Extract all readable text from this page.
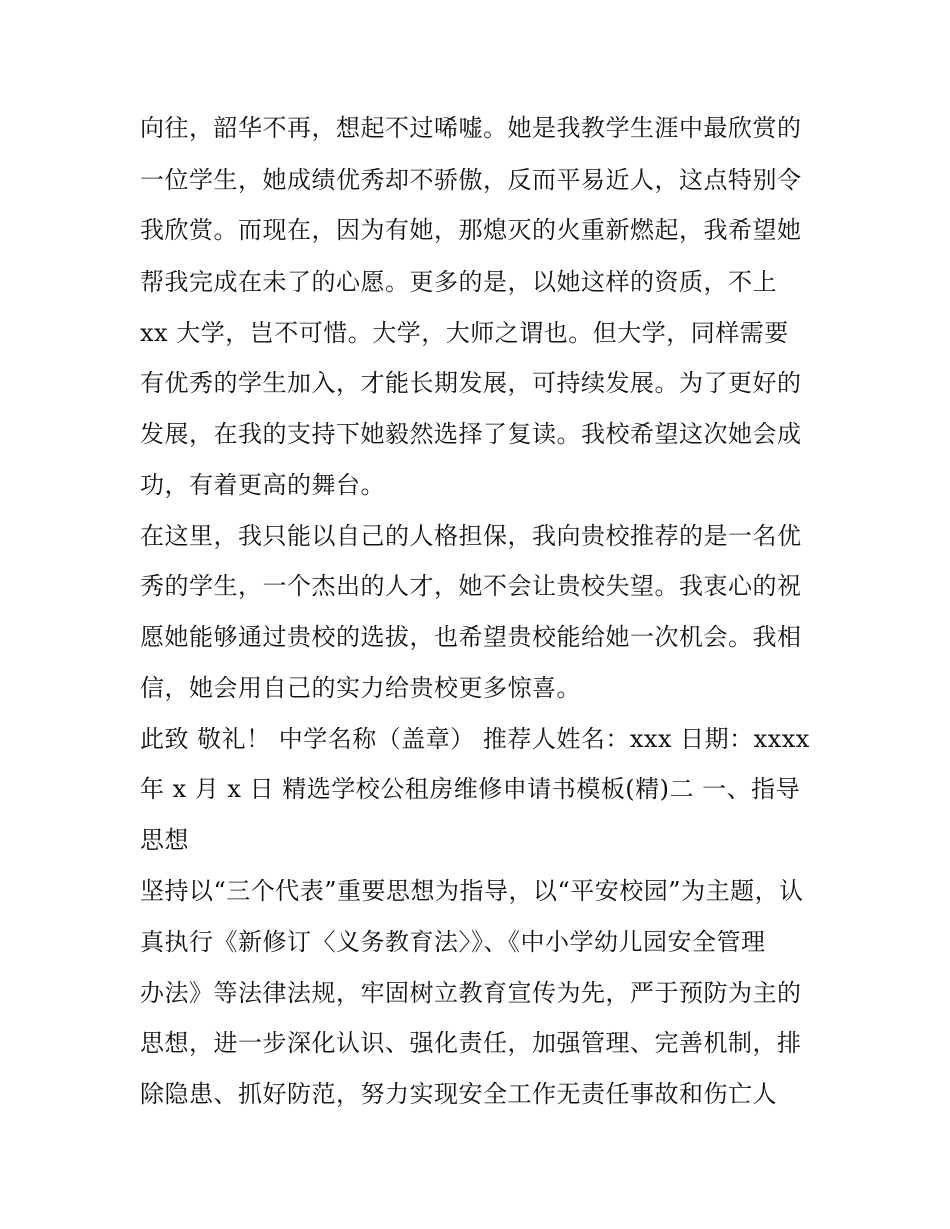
向往，韶华不再，想起不过唏嘘。她是我教学生涯中最欣赏的
一位学生，她成绩优秀却不骄傲，反而平易近人，这点特别令
我欣赏。而现在，因为有她，那熄灭的火重新燃起，我希望她
帮我完成在未了的心愿。更多的是，以她这样的资质，不上
xx 大学，岂不可惜。大学，大师之谓也。但大学，同样需要
有优秀的学生加入，才能长期发展，可持续发展。为了更好的
发展，在我的支持下她毅然选择了复读。我校希望这次她会成
功，有着更高的舞台。
在这里，我只能以自己的人格担保，我向贵校推荐的是一名优
秀的学生，一个杰出的人才，她不会让贵校失望。我衷心的祝
愿她能够通过贵校的选拔，也希望贵校能给她一次机会。我相
信，她会用自己的实力给贵校更多惊喜。
此致 敬礼！ 中学名称（盖章） 推荐人姓名：xxx 日期：xxxx
年 x 月 x 日 精选学校公租房维修申请书模板(精)二 一、指导
思想
坚持以“三个代表”重要思想为指导，以“平安校园”为主题，认
真执行《新修订〈义务教育法〉》、《中小学幼儿园安全管理
办法》等法律法规，牢固树立教育宣传为先，严于预防为主的
思想，进一步深化认识、强化责任，加强管理、完善机制，排
除隐患、抓好防范，努力实现安全工作无责任事故和伤亡人
